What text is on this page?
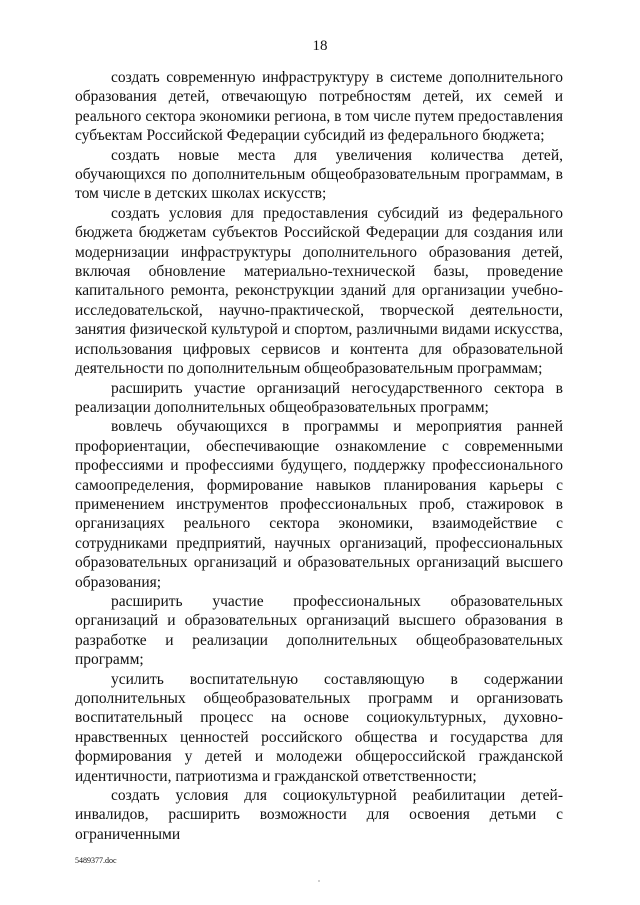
18

создать современную инфраструктуру в системе дополнительного образования детей, отвечающую потребностям детей, их семей и реального сектора экономики региона, в том числе путем предоставления субъектам Российской Федерации субсидий из федерального бюджета;

создать новые места для увеличения количества детей, обучающихся по дополнительным общеобразовательным программам, в том числе в детских школах искусств;

создать условия для предоставления субсидий из федерального бюджета бюджетам субъектов Российской Федерации для создания или модернизации инфраструктуры дополнительного образования детей, включая обновление материально-технической базы, проведение капитального ремонта, реконструкции зданий для организации учебно-исследовательской, научно-практической, творческой деятельности, занятия физической культурой и спортом, различными видами искусства, использования цифровых сервисов и контента для образовательной деятельности по дополнительным общеобразовательным программам;

расширить участие организаций негосударственного сектора в реализации дополнительных общеобразовательных программ;

вовлечь обучающихся в программы и мероприятия ранней профориентации, обеспечивающие ознакомление с современными профессиями и профессиями будущего, поддержку профессионального самоопределения, формирование навыков планирования карьеры с применением инструментов профессиональных проб, стажировок в организациях реального сектора экономики, взаимодействие с сотрудниками предприятий, научных организаций, профессиональных образовательных организаций и образовательных организаций высшего образования;

расширить участие профессиональных образовательных организаций и образовательных организаций высшего образования в разработке и реализации дополнительных общеобразовательных программ;

усилить воспитательную составляющую в содержании дополнительных общеобразовательных программ и организовать воспитательный процесс на основе социокультурных, духовно-нравственных ценностей российского общества и государства для формирования у детей и молодежи общероссийской гражданской идентичности, патриотизма и гражданской ответственности;

создать условия для социокультурной реабилитации детей-инвалидов, расширить возможности для освоения детьми с ограниченными

5489377.doc
